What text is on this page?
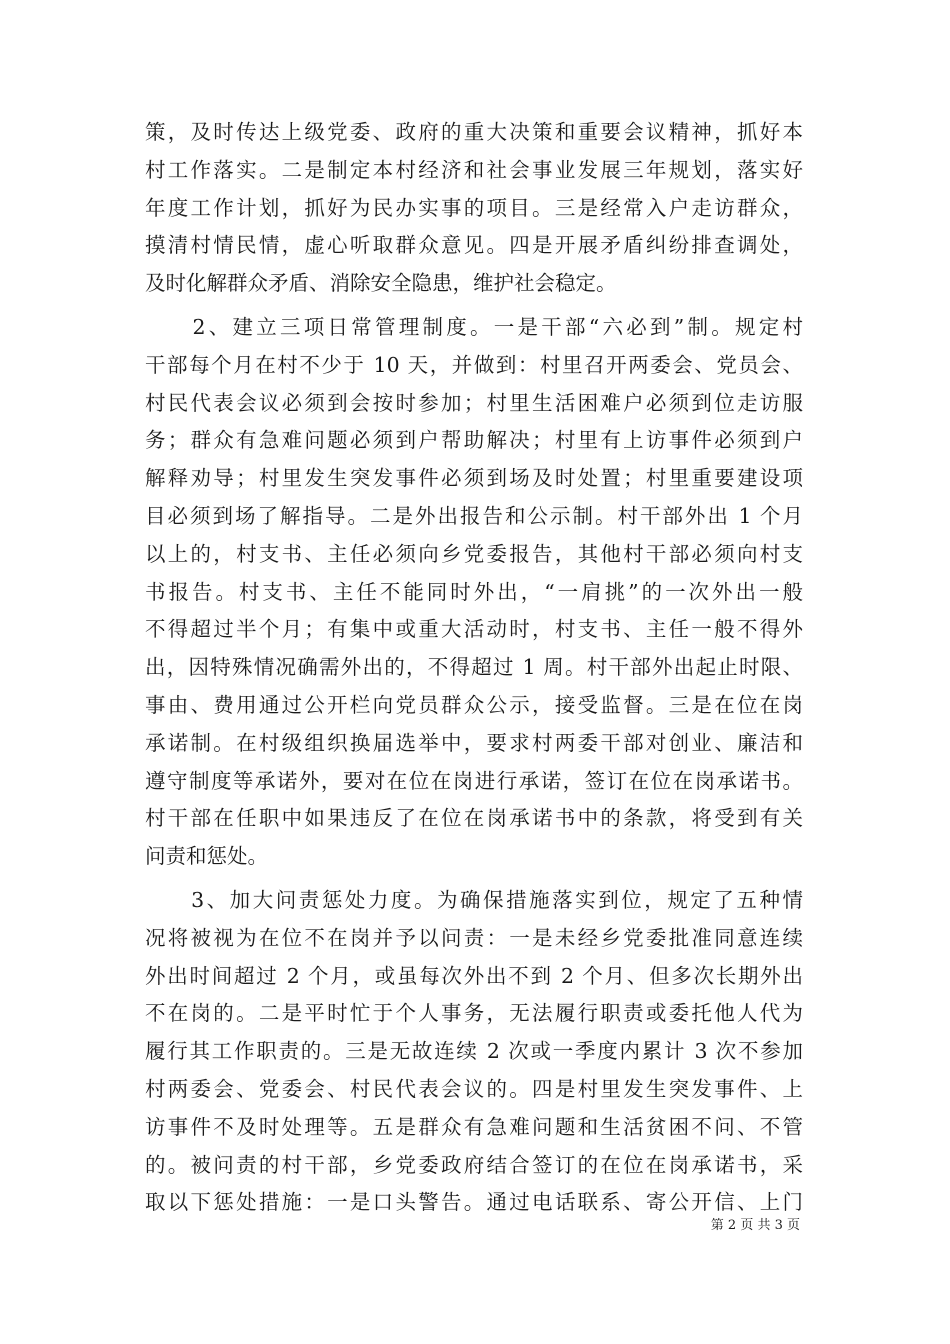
策，及时传达上级党委、政府的重大决策和重要会议精神，抓好本
村工作落实。二是制定本村经济和社会事业发展三年规划，落实好
年度工作计划，抓好为民办实事的项目。三是经常入户走访群众，
摸清村情民情，虚心听取群众意见。四是开展矛盾纠纷排查调处，
及时化解群众矛盾、消除安全隐患，维护社会稳定。
　　2、建立三项日常管理制度。一是干部“六必到”制。规定村
干部每个月在村不少于 10 天，并做到：村里召开两委会、党员会、
村民代表会议必须到会按时参加；村里生活困难户必须到位走访服
务；群众有急难问题必须到户帮助解决；村里有上访事件必须到户
解释劝导；村里发生突发事件必须到场及时处置；村里重要建设项
目必须到场了解指导。二是外出报告和公示制。村干部外出 1 个月
以上的，村支书、主任必须向乡党委报告，其他村干部必须向村支
书报告。村支书、主任不能同时外出，“一肩挑”的一次外出一般
不得超过半个月；有集中或重大活动时，村支书、主任一般不得外
出，因特殊情况确需外出的，不得超过 1 周。村干部外出起止时限、
事由、费用通过公开栏向党员群众公示，接受监督。三是在位在岗
承诺制。在村级组织换届选举中，要求村两委干部对创业、廉洁和
遵守制度等承诺外，要对在位在岗进行承诺，签订在位在岗承诺书。
村干部在任职中如果违反了在位在岗承诺书中的条款，将受到有关
问责和惩处。
　　3、加大问责惩处力度。为确保措施落实到位，规定了五种情
况将被视为在位不在岗并予以问责：一是未经乡党委批准同意连续
外出时间超过 2 个月，或虽每次外出不到 2 个月、但多次长期外出
不在岗的。二是平时忙于个人事务，无法履行职责或委托他人代为
履行其工作职责的。三是无故连续 2 次或一季度内累计 3 次不参加
村两委会、党委会、村民代表会议的。四是村里发生突发事件、上
访事件不及时处理等。五是群众有急难问题和生活贫困不问、不管
的。被问责的村干部，乡党委政府结合签订的在位在岗承诺书，采
取以下惩处措施：一是口头警告。通过电话联系、寄公开信、上门
第 2 页 共 3 页
